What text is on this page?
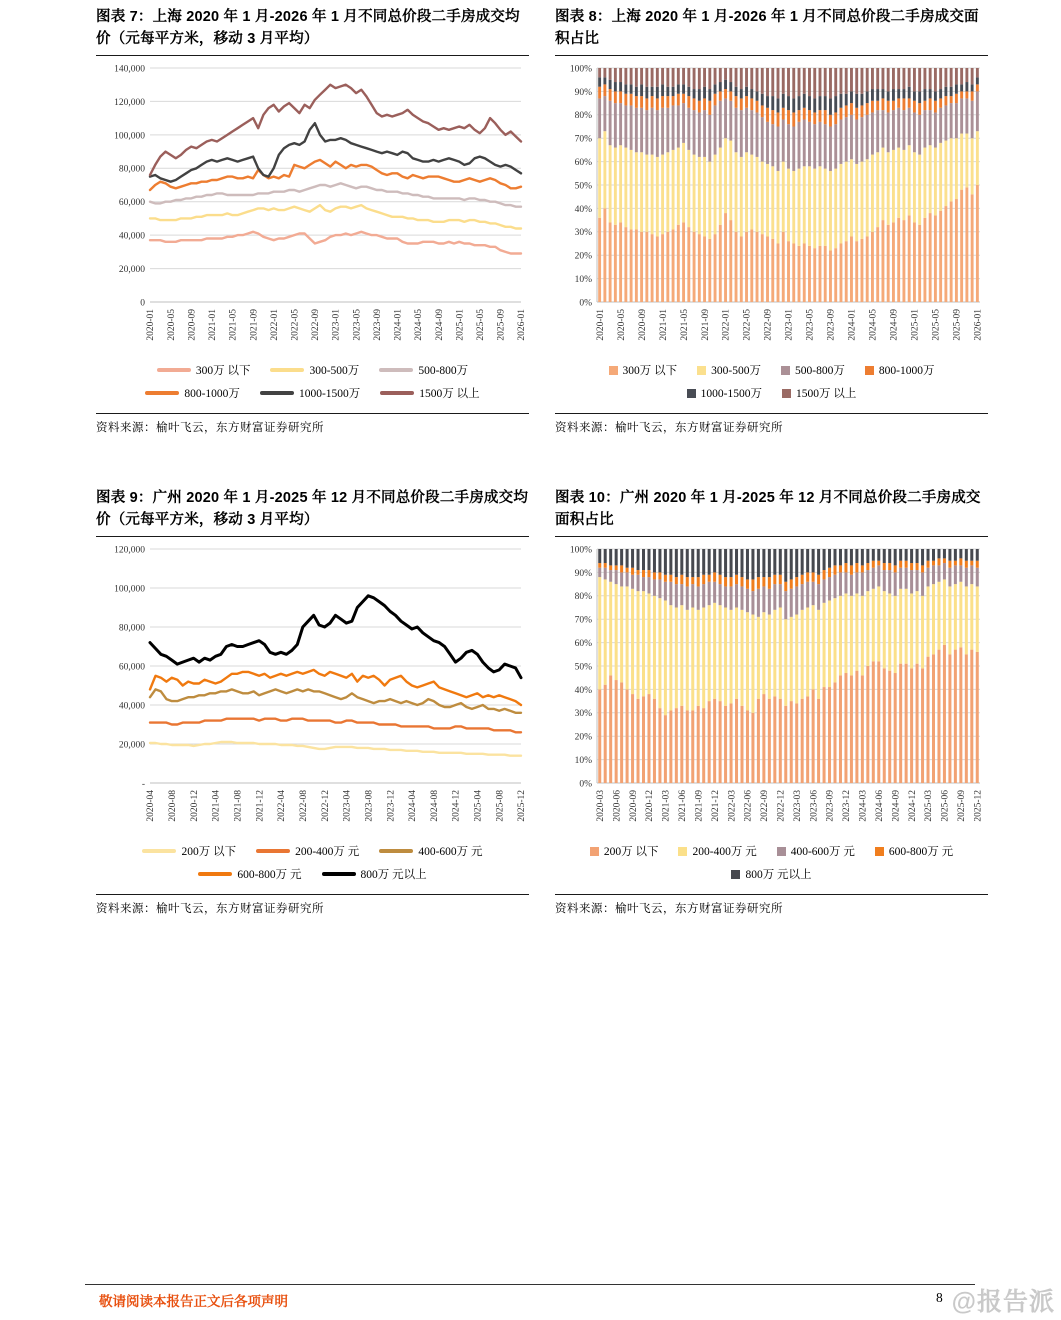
图表 7：上海 2020 年 1 月-2026 年 1 月不同总价段二手房成交均价（元每平方米，移动 3 月平均）
140,000
120,000
100,000
80,000
60,000
40,000
20,000
0
2020-01 2020-05 2020-09 2021-01 2021-05 2021-09 2022-01 2022-05 2022-09 2023-01 2023-05 2023-09 2024-01 2024-05 2024-09 2025-01 2025-05 2025-09 2026-01
300万 以下	300-500万	500-800万
800-1000万	1000-1500万	1500万 以上
资料来源：榆叶飞云，东方财富证券研究所
图表 8：上海 2020 年 1 月-2026 年 1 月不同总价段二手房成交面积占比
100%
90%
80%
70%
60%
50%
40%
30%
20%
10%
0%
2020-01 2020-05 2020-09 2021-01 2021-05 2021-09 2022-01 2022-05 2022-09 2023-01 2023-05 2023-09 2024-01 2024-05 2024-09 2025-01 2025-05 2025-09 2026-01
300万 以下	300-500万	500-800万	800-1000万
1000-1500万	1500万 以上
资料来源：榆叶飞云，东方财富证券研究所
图表 9：广州 2020 年 1 月-2025 年 12 月不同总价段二手房成交均价（元每平方米，移动 3 月平均）
120,000
100,000
80,000
60,000
40,000
20,000
-
2020-04 2020-08 2020-12 2021-04 2021-08 2021-12 2022-04 2022-08 2022-12 2023-04 2023-08 2023-12 2024-04 2024-08 2024-12 2025-04 2025-08 2025-12
200万 以下	200-400万 元	400-600万 元
600-800万 元	800万 元以上
资料来源：榆叶飞云，东方财富证券研究所
图表 10：广州 2020 年 1 月-2025 年 12 月不同总价段二手房成交面积占比
100%
90%
80%
70%
60%
50%
40%
30%
20%
10%
0%
2020-03 2020-06 2020-09 2020-12 2021-03 2021-06 2021-09 2021-12 2022-03 2022-06 2022-09 2022-12 2023-03 2023-06 2023-09 2023-12 2024-03 2024-06 2024-09 2024-12 2025-03 2025-06 2025-09 2025-12
200万 以下	200-400万 元	400-600万 元	600-800万 元
800万 元以上
资料来源：榆叶飞云，东方财富证券研究所
敬请阅读本报告正文后各项声明	8 @报告派
